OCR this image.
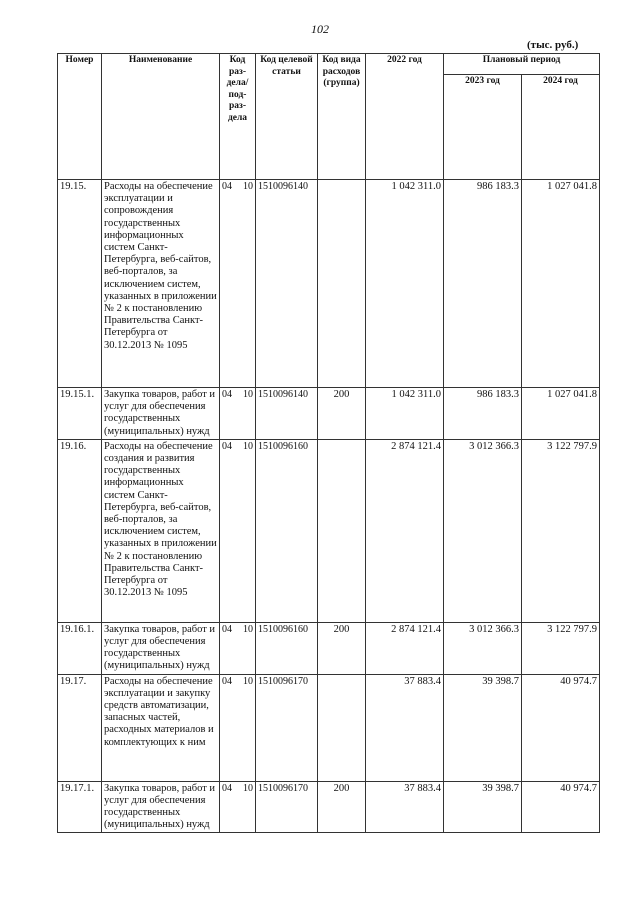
102
(тыс. руб.)
Номер	Наименование	Код раз-дела/ под-раз-дела	Код целевой статьи	Код вида расходов (группа)	2022 год	Плановый период	
						2023 год	2024 год
19.15.	Расходы на обеспечение эксплуатации и сопровождения государственных информационных систем Санкт-Петербурга, веб-сайтов, веб-порталов, за исключением систем, указанных в приложении № 2 к постановлению Правительства Санкт-Петербурга от 30.12.2013 № 1095	04 10	1510096140		1 042 311.0	986 183.3	1 027 041.8
19.15.1.	Закупка товаров, работ и услуг для обеспечения государственных (муниципальных) нужд	04 10	1510096140	200	1 042 311.0	986 183.3	1 027 041.8
19.16.	Расходы на обеспечение создания и развития государственных информационных систем Санкт-Петербурга, веб-сайтов, веб-порталов, за исключением систем, указанных в приложении № 2 к постановлению Правительства Санкт-Петербурга от 30.12.2013 № 1095	04 10	1510096160		2 874 121.4	3 012 366.3	3 122 797.9
19.16.1.	Закупка товаров, работ и услуг для обеспечения государственных (муниципальных) нужд	04 10	1510096160	200	2 874 121.4	3 012 366.3	3 122 797.9
19.17.	Расходы на обеспечение эксплуатации и закупку средств автоматизации, запасных частей, расходных материалов и комплектующих к ним	04 10	1510096170		37 883.4	39 398.7	40 974.7
19.17.1.	Закупка товаров, работ и услуг для обеспечения государственных (муниципальных) нужд	04 10	1510096170	200	37 883.4	39 398.7	40 974.7
